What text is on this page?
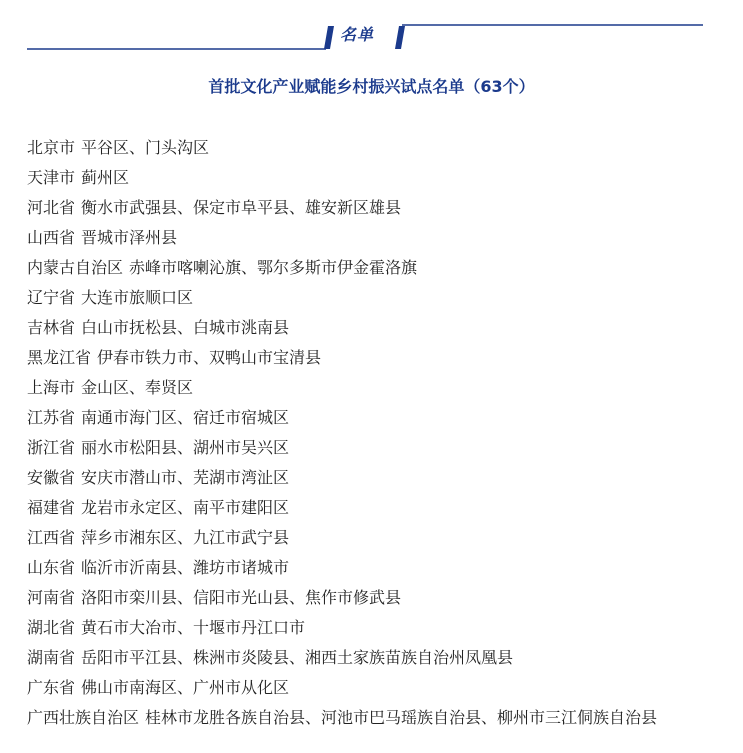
名单
首批文化产业赋能乡村振兴试点名单（63个）
北京市 平谷区、门头沟区
天津市 蓟州区
河北省 衡水市武强县、保定市阜平县、雄安新区雄县
山西省 晋城市泽州县
内蒙古自治区 赤峰市喀喇沁旗、鄂尔多斯市伊金霍洛旗
辽宁省 大连市旅顺口区
吉林省 白山市抚松县、白城市洮南县
黑龙江省 伊春市铁力市、双鸭山市宝清县
上海市 金山区、奉贤区
江苏省 南通市海门区、宿迁市宿城区
浙江省 丽水市松阳县、湖州市吴兴区
安徽省 安庆市潜山市、芜湖市湾沚区
福建省 龙岩市永定区、南平市建阳区
江西省 萍乡市湘东区、九江市武宁县
山东省 临沂市沂南县、潍坊市诸城市
河南省 洛阳市栾川县、信阳市光山县、焦作市修武县
湖北省 黄石市大冶市、十堰市丹江口市
湖南省 岳阳市平江县、株洲市炎陵县、湘西土家族苗族自治州凤凰县
广东省 佛山市南海区、广州市从化区
广西壮族自治区 桂林市龙胜各族自治县、河池市巴马瑶族自治县、柳州市三江侗族自治县
